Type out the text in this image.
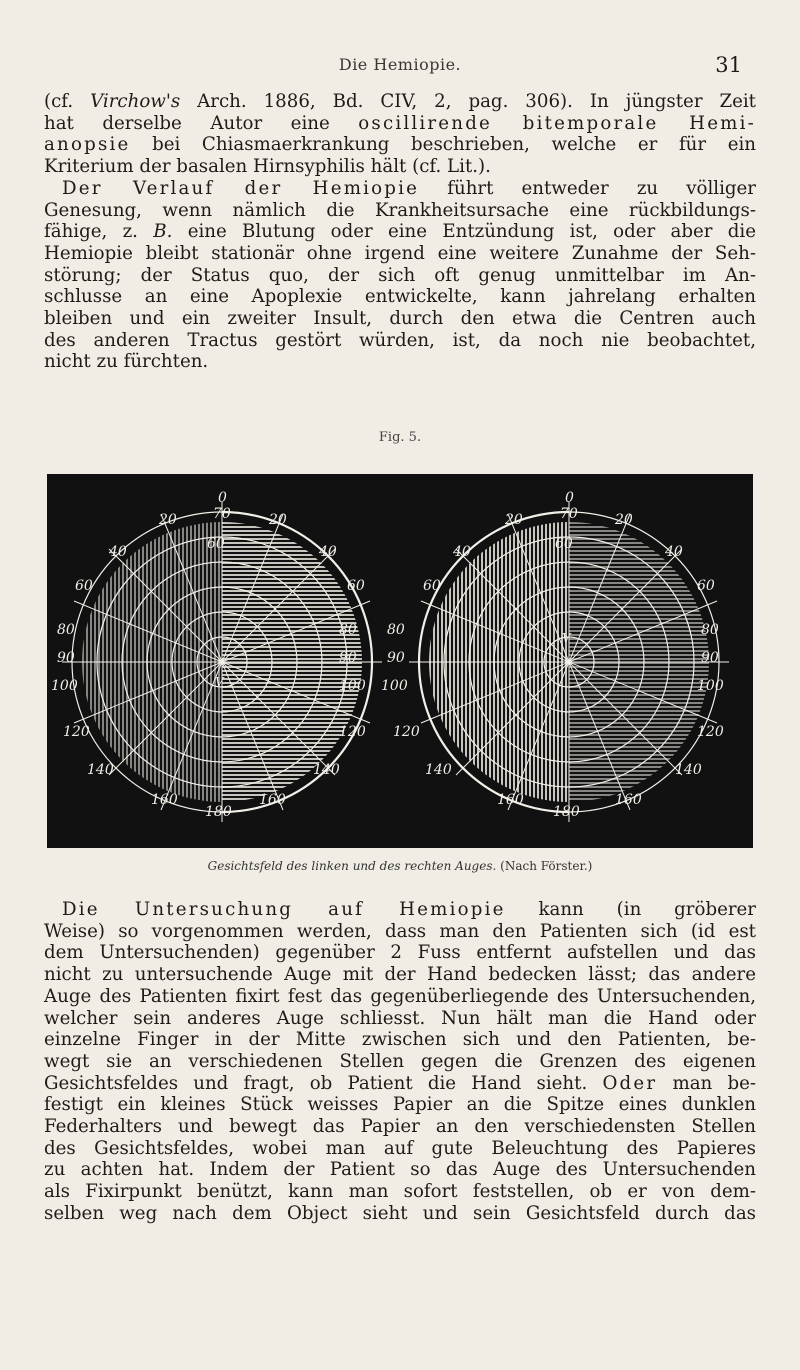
Die Hemiopie.	31
(cf. Virchow's Arch. 1886, Bd. CIV, 2, pag. 306). In jüngster Zeit
hat derselbe Autor eine oscillirende bitemporale Hemi-
anopsie bei Chiasmaerkrankung beschrieben, welche er für ein
Kriterium der basalen Hirnsyphilis hält (cf. Lit.).
Der Verlauf der Hemiopie führt entweder zu völliger
Genesung, wenn nämlich die Krankheitsursache eine rückbildungs-
fähige, z. B. eine Blutung oder eine Entzündung ist, oder aber die
Hemiopie bleibt stationär ohne irgend eine weitere Zunahme der Seh-
störung; der Status quo, der sich oft genug unmittelbar im An-
schlusse an eine Apoplexie entwickelte, kann jahrelang erhalten
bleiben und ein zweiter Insult, durch den etwa die Centren auch
des anderen Tractus gestört würden, ist, da noch nie beobachtet,
nicht zu fürchten.
Fig. 5.
0	0
20	70	20
40	60	40
60	60
20	70	20
40	60	40
60	60
80
90
100
120
140
160
80
90
100
120
140
160
80
90
100
120
140
160
80
90
100
120
140
160
180	180
V
V
Gesichtsfeld des linken und des rechten Auges. (Nach Förster.)
Die Untersuchung auf Hemiopie kann (in gröberer
Weise) so vorgenommen werden, dass man den Patienten sich (id est
dem Untersuchenden) gegenüber 2 Fuss entfernt aufstellen und das
nicht zu untersuchende Auge mit der Hand bedecken lässt; das andere
Auge des Patienten fixirt fest das gegenüberliegende des Untersuchenden,
welcher sein anderes Auge schliesst. Nun hält man die Hand oder
einzelne Finger in der Mitte zwischen sich und den Patienten, be-
wegt sie an verschiedenen Stellen gegen die Grenzen des eigenen
Gesichtsfeldes und fragt, ob Patient die Hand sieht. Oder man be-
festigt ein kleines Stück weisses Papier an die Spitze eines dunklen
Federhalters und bewegt das Papier an den verschiedensten Stellen
des Gesichtsfeldes, wobei man auf gute Beleuchtung des Papieres
zu achten hat. Indem der Patient so das Auge des Untersuchenden
als Fixirpunkt benützt, kann man sofort feststellen, ob er von dem-
selben weg nach dem Object sieht und sein Gesichtsfeld durch das
